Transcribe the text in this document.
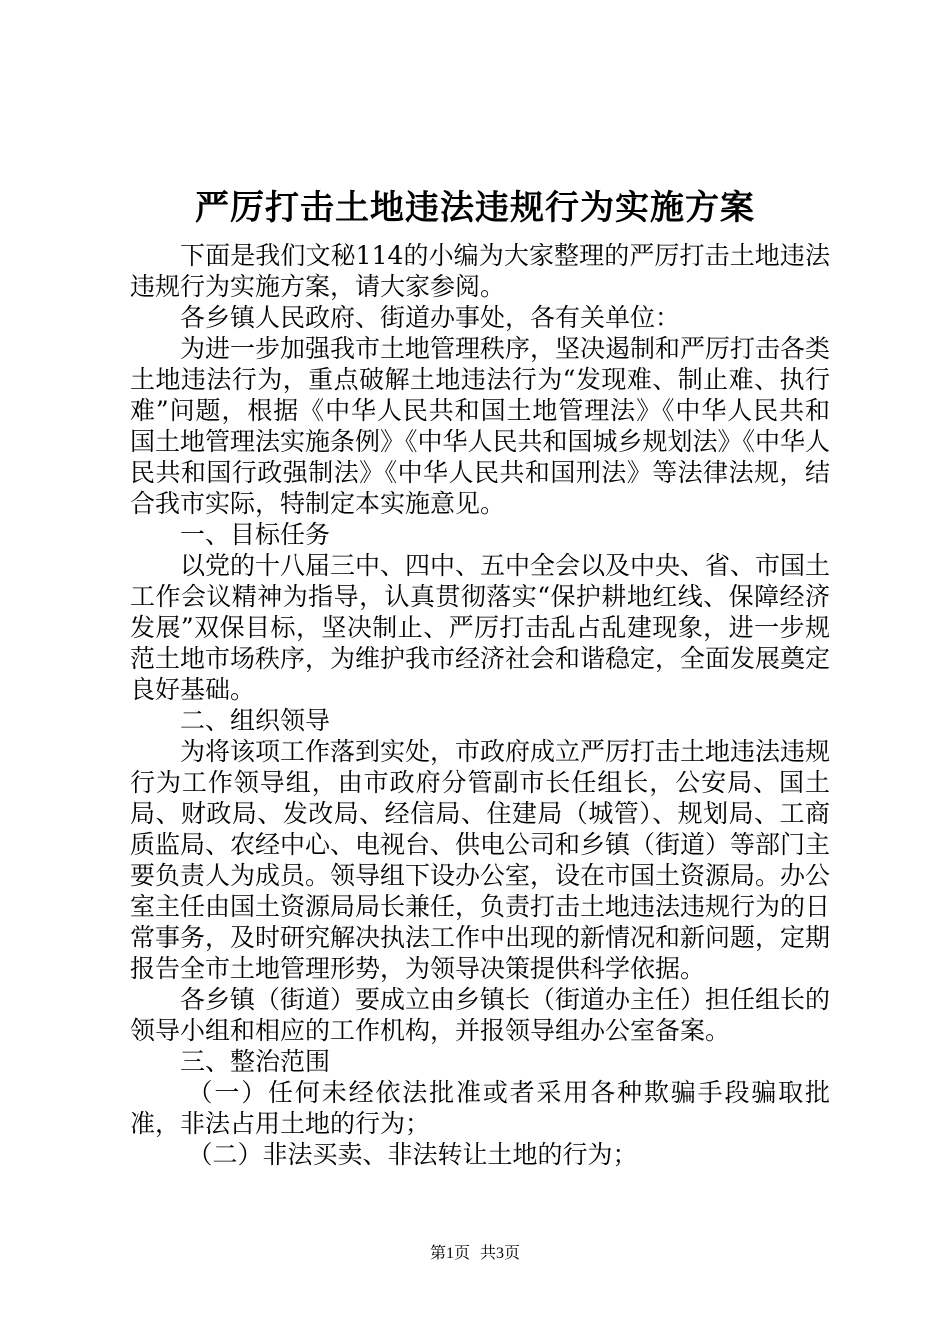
严厉打击土地违法违规行为实施方案

下面是我们文秘114的小编为大家整理的严厉打击土地违法违规行为实施方案，请大家参阅。

各乡镇人民政府、街道办事处，各有关单位：

为进一步加强我市土地管理秩序，坚决遏制和严厉打击各类土地违法行为，重点破解土地违法行为“发现难、制止难、执行难”问题，根据《中华人民共和国土地管理法》《中华人民共和国土地管理法实施条例》《中华人民共和国城乡规划法》《中华人民共和国行政强制法》《中华人民共和国刑法》等法律法规，结合我市实际，特制定本实施意见。

一、目标任务

以党的十八届三中、四中、五中全会以及中央、省、市国土工作会议精神为指导，认真贯彻落实“保护耕地红线、保障经济发展”双保目标，坚决制止、严厉打击乱占乱建现象，进一步规范土地市场秩序，为维护我市经济社会和谐稳定，全面发展奠定良好基础。

二、组织领导

为将该项工作落到实处，市政府成立严厉打击土地违法违规行为工作领导组，由市政府分管副市长任组长，公安局、国土局、财政局、发改局、经信局、住建局（城管）、规划局、工商质监局、农经中心、电视台、供电公司和乡镇（街道）等部门主要负责人为成员。领导组下设办公室，设在市国土资源局。办公室主任由国土资源局局长兼任，负责打击土地违法违规行为的日常事务，及时研究解决执法工作中出现的新情况和新问题，定期报告全市土地管理形势，为领导决策提供科学依据。

各乡镇（街道）要成立由乡镇长（街道办主任）担任组长的领导小组和相应的工作机构，并报领导组办公室备案。

三、整治范围

（一）任何未经依法批准或者采用各种欺骗手段骗取批准，非法占用土地的行为；

（二）非法买卖、非法转让土地的行为；

第1页 共3页
